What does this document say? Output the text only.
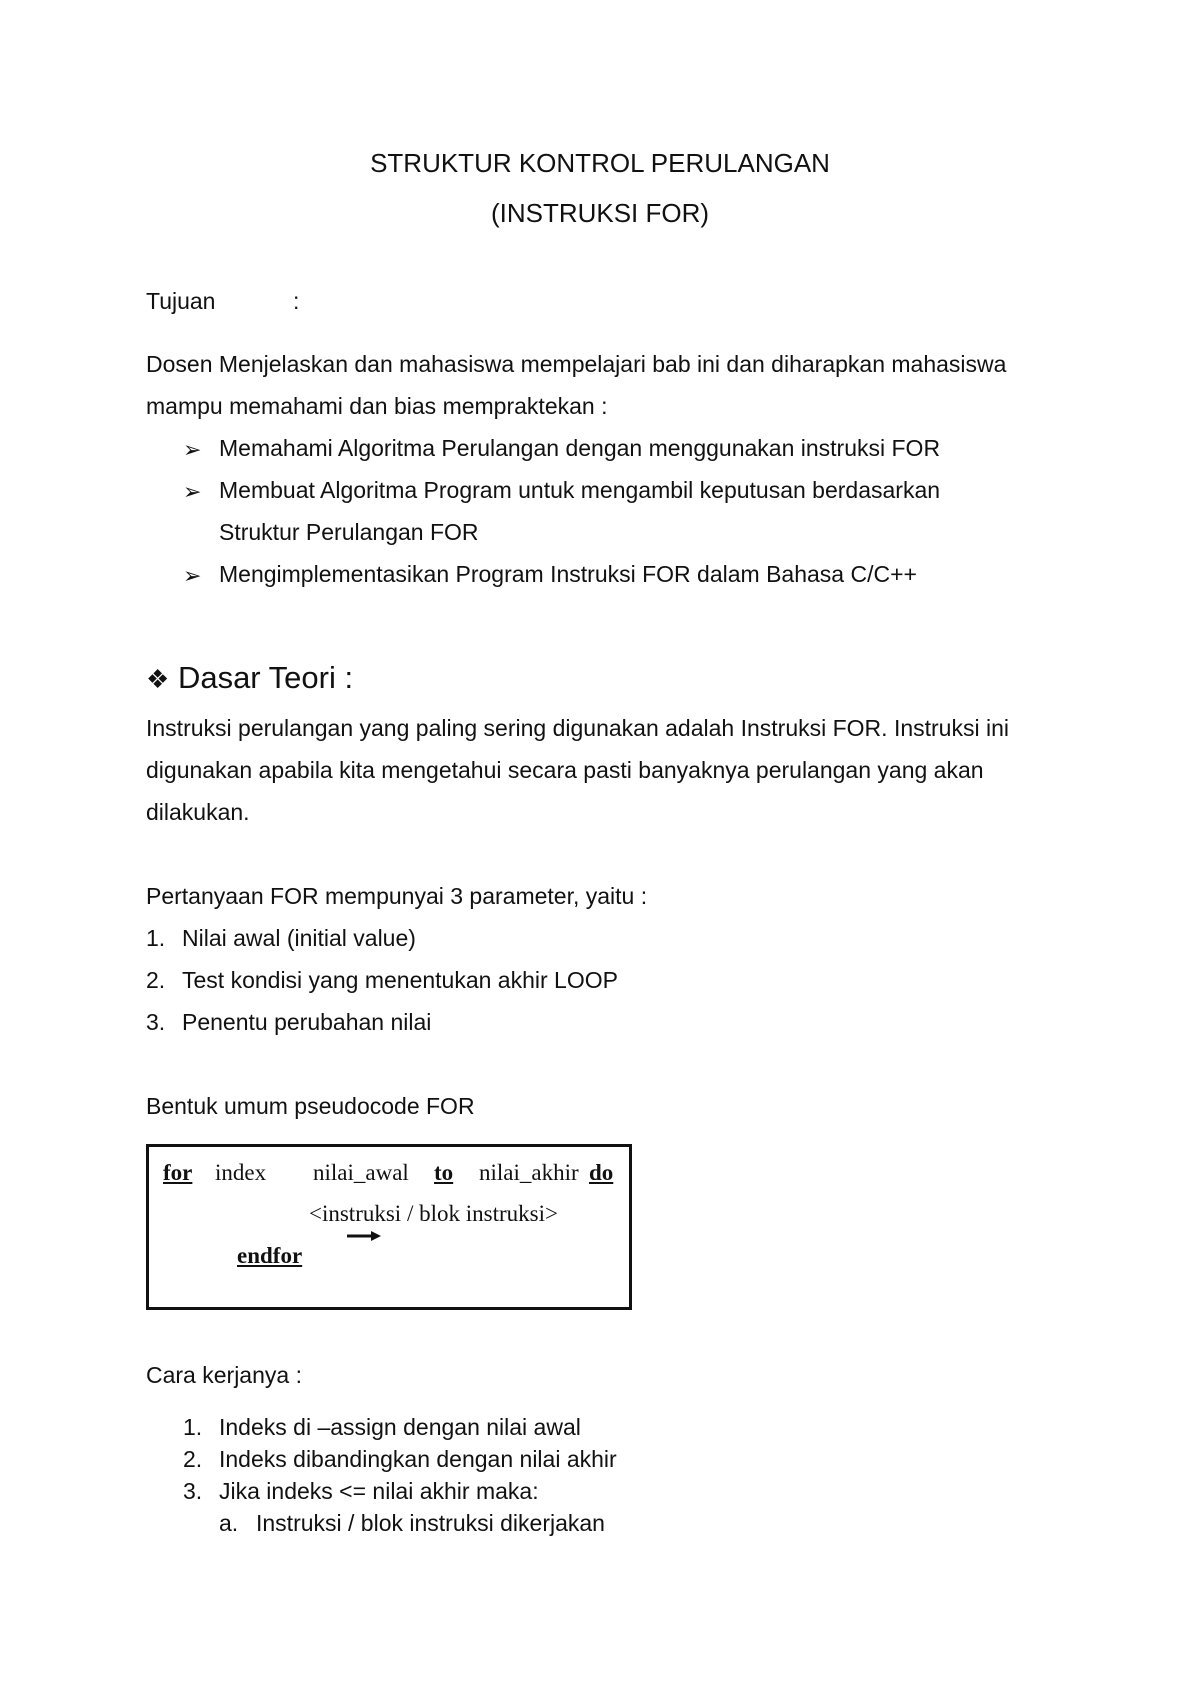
STRUKTUR KONTROL PERULANGAN
(INSTRUKSI FOR)
Tujuan	:
Dosen Menjelaskan dan mahasiswa mempelajari bab ini dan diharapkan mahasiswa
mampu memahami dan bias mempraktekan :
➢ Memahami Algoritma Perulangan dengan menggunakan instruksi FOR
➢ Membuat Algoritma Program untuk mengambil keputusan berdasarkan
Struktur Perulangan FOR
➢ Mengimplementasikan Program Instruksi FOR dalam Bahasa C/C++
❖ Dasar Teori :
Instruksi perulangan yang paling sering digunakan adalah Instruksi FOR. Instruksi ini
digunakan apabila kita mengetahui secara pasti banyaknya perulangan yang akan
dilakukan.
Pertanyaan FOR mempunyai 3 parameter, yaitu :
1. Nilai awal (initial value)
2. Test kondisi yang menentukan akhir LOOP
3. Penentu perubahan nilai
Bentuk umum pseudocode FOR
for index nilai_awal to nilai_akhir do
<instruksi / blok instruksi>
endfor
Cara kerjanya :
1. Indeks di –assign dengan nilai awal
2. Indeks dibandingkan dengan nilai akhir
3. Jika indeks <= nilai akhir maka:
a. Instruksi / blok instruksi dikerjakan
